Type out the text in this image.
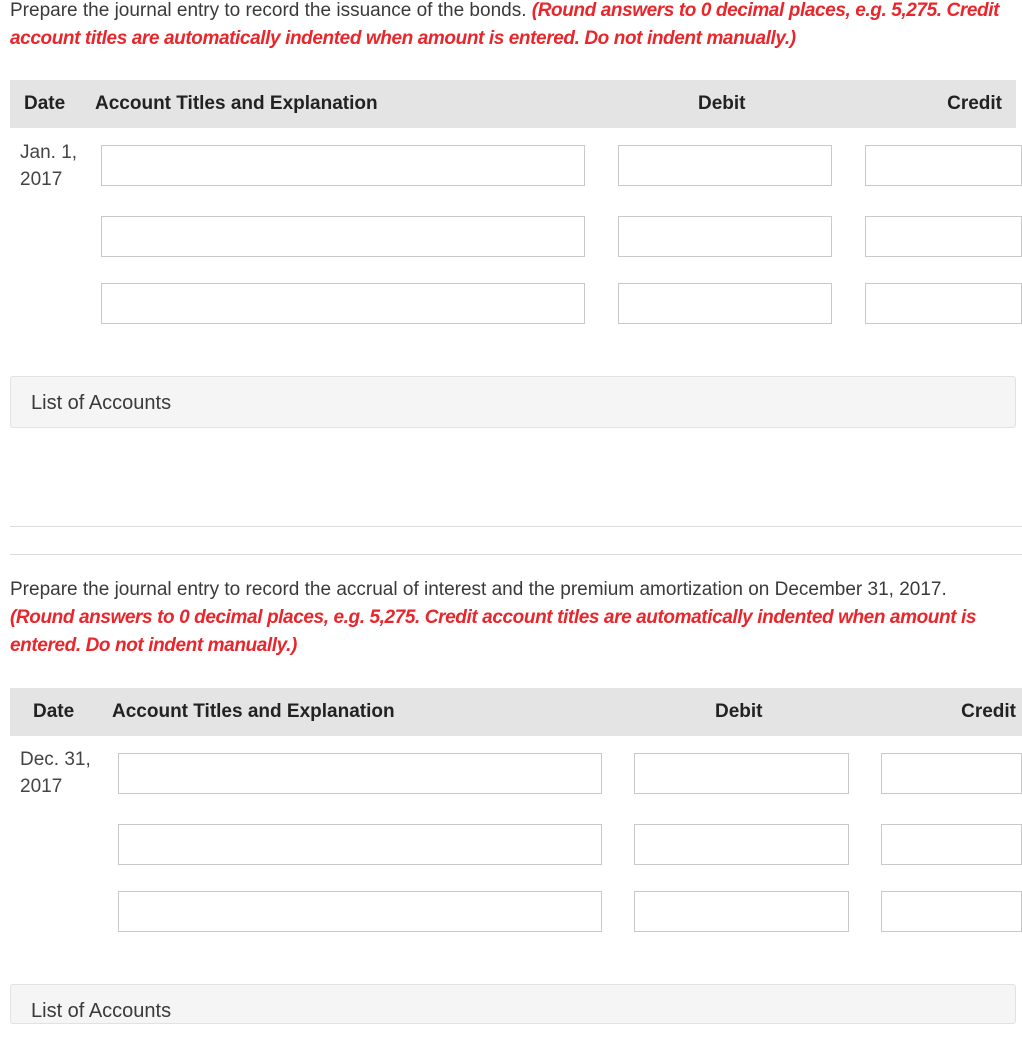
Prepare the journal entry to record the issuance of the bonds. (Round answers to 0 decimal places, e.g. 5,275. Credit account titles are automatically indented when amount is entered. Do not indent manually.)
Date Account Titles and Explanation	Debit	Credit
Jan. 1,
2017
List of Accounts
Prepare the journal entry to record the accrual of interest and the premium amortization on December 31, 2017. (Round answers to 0 decimal places, e.g. 5,275. Credit account titles are automatically indented when amount is entered. Do not indent manually.)
Date Account Titles and Explanation	Debit	Credit
Dec. 31,
2017
List of Accounts
